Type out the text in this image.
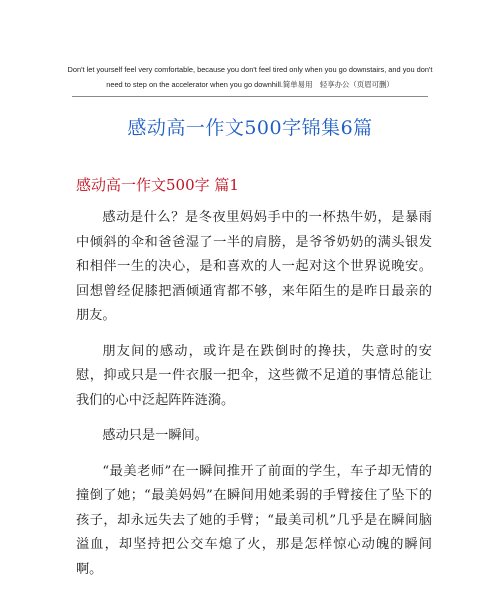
Don't let yourself feel very comfortable, because you don't feel tired only when you go downstairs, and you don't
need to step on the accelerator when you go downhill.简单易用　轻享办公（页眉可删）
感动高一作文500字锦集6篇
感动高一作文500字 篇1

感动是什么？是冬夜里妈妈手中的一杯热牛奶，是暴雨中倾斜的伞和爸爸湿了一半的肩膀，是爷爷奶奶的满头银发和相伴一生的决心，是和喜欢的人一起对这个世界说晚安。 回想曾经促膝把酒倾通宵都不够，来年陌生的是昨日最亲的朋友。

朋友间的感动，或许是在跌倒时的搀扶，失意时的安慰，抑或只是一件衣服一把伞，这些微不足道的事情总能让我们的心中泛起阵阵涟漪。

感动只是一瞬间。

“最美老师”在一瞬间推开了前面的学生，车子却无情的撞倒了她；“最美妈妈”在瞬间用她柔弱的手臂接住了坠下的孩子，却永远失去了她的手臂；“最美司机”几乎是在瞬间脑溢血，却坚持把公交车熄了火，那是怎样惊心动魄的瞬间啊。
